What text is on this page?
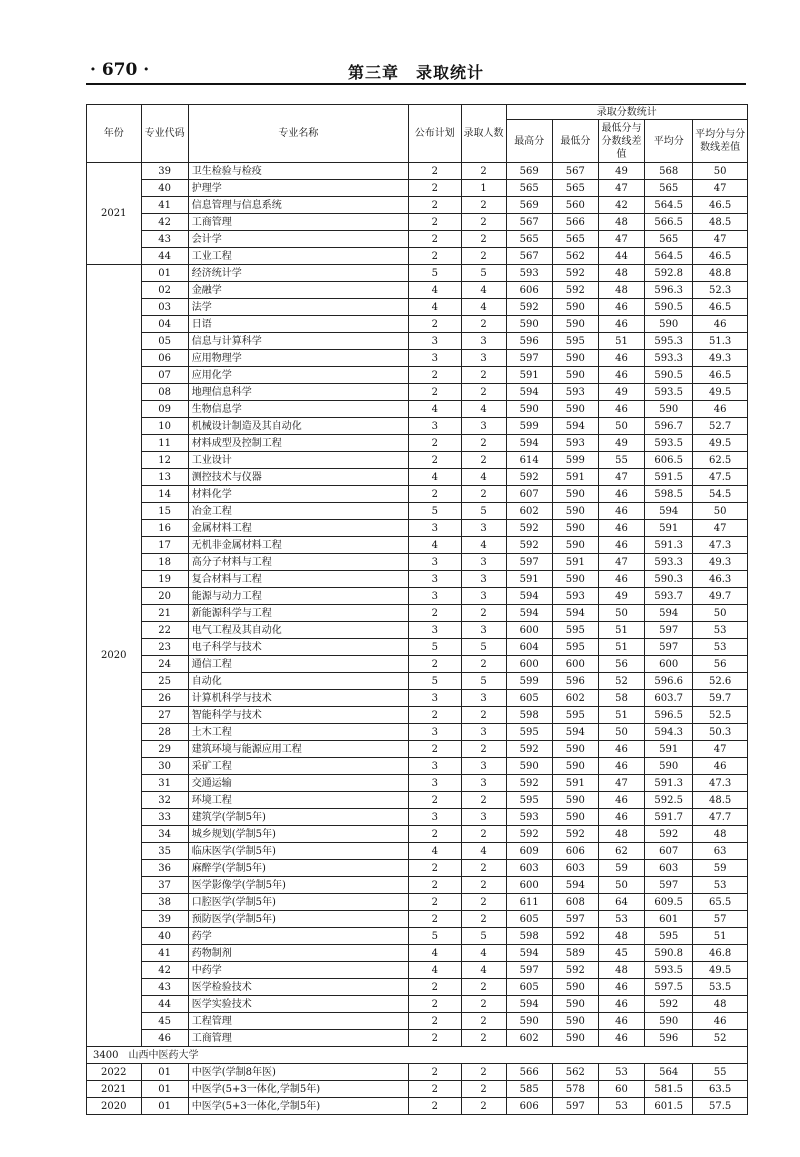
· 670 ·	第三章　录取统计
年份	专业代码	专业名称	公布计划	录取人数	录取分数统计				
					最高分	最低分	最低分与分数线差值	平均分	平均分与分数线差值
2021	39	卫生检验与检疫	2	2	569	567	49	568	50
	40	护理学	2	1	565	565	47	565	47
	41	信息管理与信息系统	2	2	569	560	42	564.5	46.5
	42	工商管理	2	2	567	566	48	566.5	48.5
	43	会计学	2	2	565	565	47	565	47
	44	工业工程	2	2	567	562	44	564.5	46.5
2020	01	经济统计学	5	5	593	592	48	592.8	48.8
	02	金融学	4	4	606	592	48	596.3	52.3
	03	法学	4	4	592	590	46	590.5	46.5
	04	日语	2	2	590	590	46	590	46
	05	信息与计算科学	3	3	596	595	51	595.3	51.3
	06	应用物理学	3	3	597	590	46	593.3	49.3
	07	应用化学	2	2	591	590	46	590.5	46.5
	08	地理信息科学	2	2	594	593	49	593.5	49.5
	09	生物信息学	4	4	590	590	46	590	46
	10	机械设计制造及其自动化	3	3	599	594	50	596.7	52.7
	11	材料成型及控制工程	2	2	594	593	49	593.5	49.5
	12	工业设计	2	2	614	599	55	606.5	62.5
	13	测控技术与仪器	4	4	592	591	47	591.5	47.5
	14	材料化学	2	2	607	590	46	598.5	54.5
	15	冶金工程	5	5	602	590	46	594	50
	16	金属材料工程	3	3	592	590	46	591	47
	17	无机非金属材料工程	4	4	592	590	46	591.3	47.3
	18	高分子材料与工程	3	3	597	591	47	593.3	49.3
	19	复合材料与工程	3	3	591	590	46	590.3	46.3
	20	能源与动力工程	3	3	594	593	49	593.7	49.7
	21	新能源科学与工程	2	2	594	594	50	594	50
	22	电气工程及其自动化	3	3	600	595	51	597	53
	23	电子科学与技术	5	5	604	595	51	597	53
	24	通信工程	2	2	600	600	56	600	56
	25	自动化	5	5	599	596	52	596.6	52.6
	26	计算机科学与技术	3	3	605	602	58	603.7	59.7
	27	智能科学与技术	2	2	598	595	51	596.5	52.5
	28	土木工程	3	3	595	594	50	594.3	50.3
	29	建筑环境与能源应用工程	2	2	592	590	46	591	47
	30	采矿工程	3	3	590	590	46	590	46
	31	交通运输	3	3	592	591	47	591.3	47.3
	32	环境工程	2	2	595	590	46	592.5	48.5
	33	建筑学(学制5年)	3	3	593	590	46	591.7	47.7
	34	城乡规划(学制5年)	2	2	592	592	48	592	48
	35	临床医学(学制5年)	4	4	609	606	62	607	63
	36	麻醉学(学制5年)	2	2	603	603	59	603	59
	37	医学影像学(学制5年)	2	2	600	594	50	597	53
	38	口腔医学(学制5年)	2	2	611	608	64	609.5	65.5
	39	预防医学(学制5年)	2	2	605	597	53	601	57
	40	药学	5	5	598	592	48	595	51
	41	药物制剂	4	4	594	589	45	590.8	46.8
	42	中药学	4	4	597	592	48	593.5	49.5
	43	医学检验技术	2	2	605	590	46	597.5	53.5
	44	医学实验技术	2	2	594	590	46	592	48
	45	工程管理	2	2	590	590	46	590	46
	46	工商管理	2	2	602	590	46	596	52
3400　山西中医药大学									
2022	01	中医学(学制8年医)	2	2	566	562	53	564	55
2021	01	中医学(5+3一体化,学制5年)	2	2	585	578	60	581.5	63.5
2020	01	中医学(5+3一体化,学制5年)	2	2	606	597	53	601.5	57.5
